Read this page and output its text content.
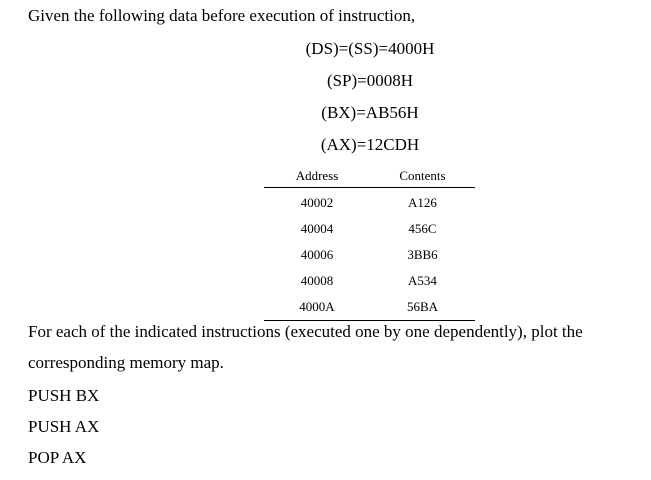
Given the following data before execution of instruction,
(DS)=(SS)=4000H
(SP)=0008H
(BX)=AB56H
(AX)=12CDH
Address	Contents
40002	A126
40004	456C
40006	3BB6
40008	A534
4000A	56BA
For each of the indicated instructions (executed one by one dependently), plot the
corresponding memory map.
PUSH BX
PUSH AX
POP AX
